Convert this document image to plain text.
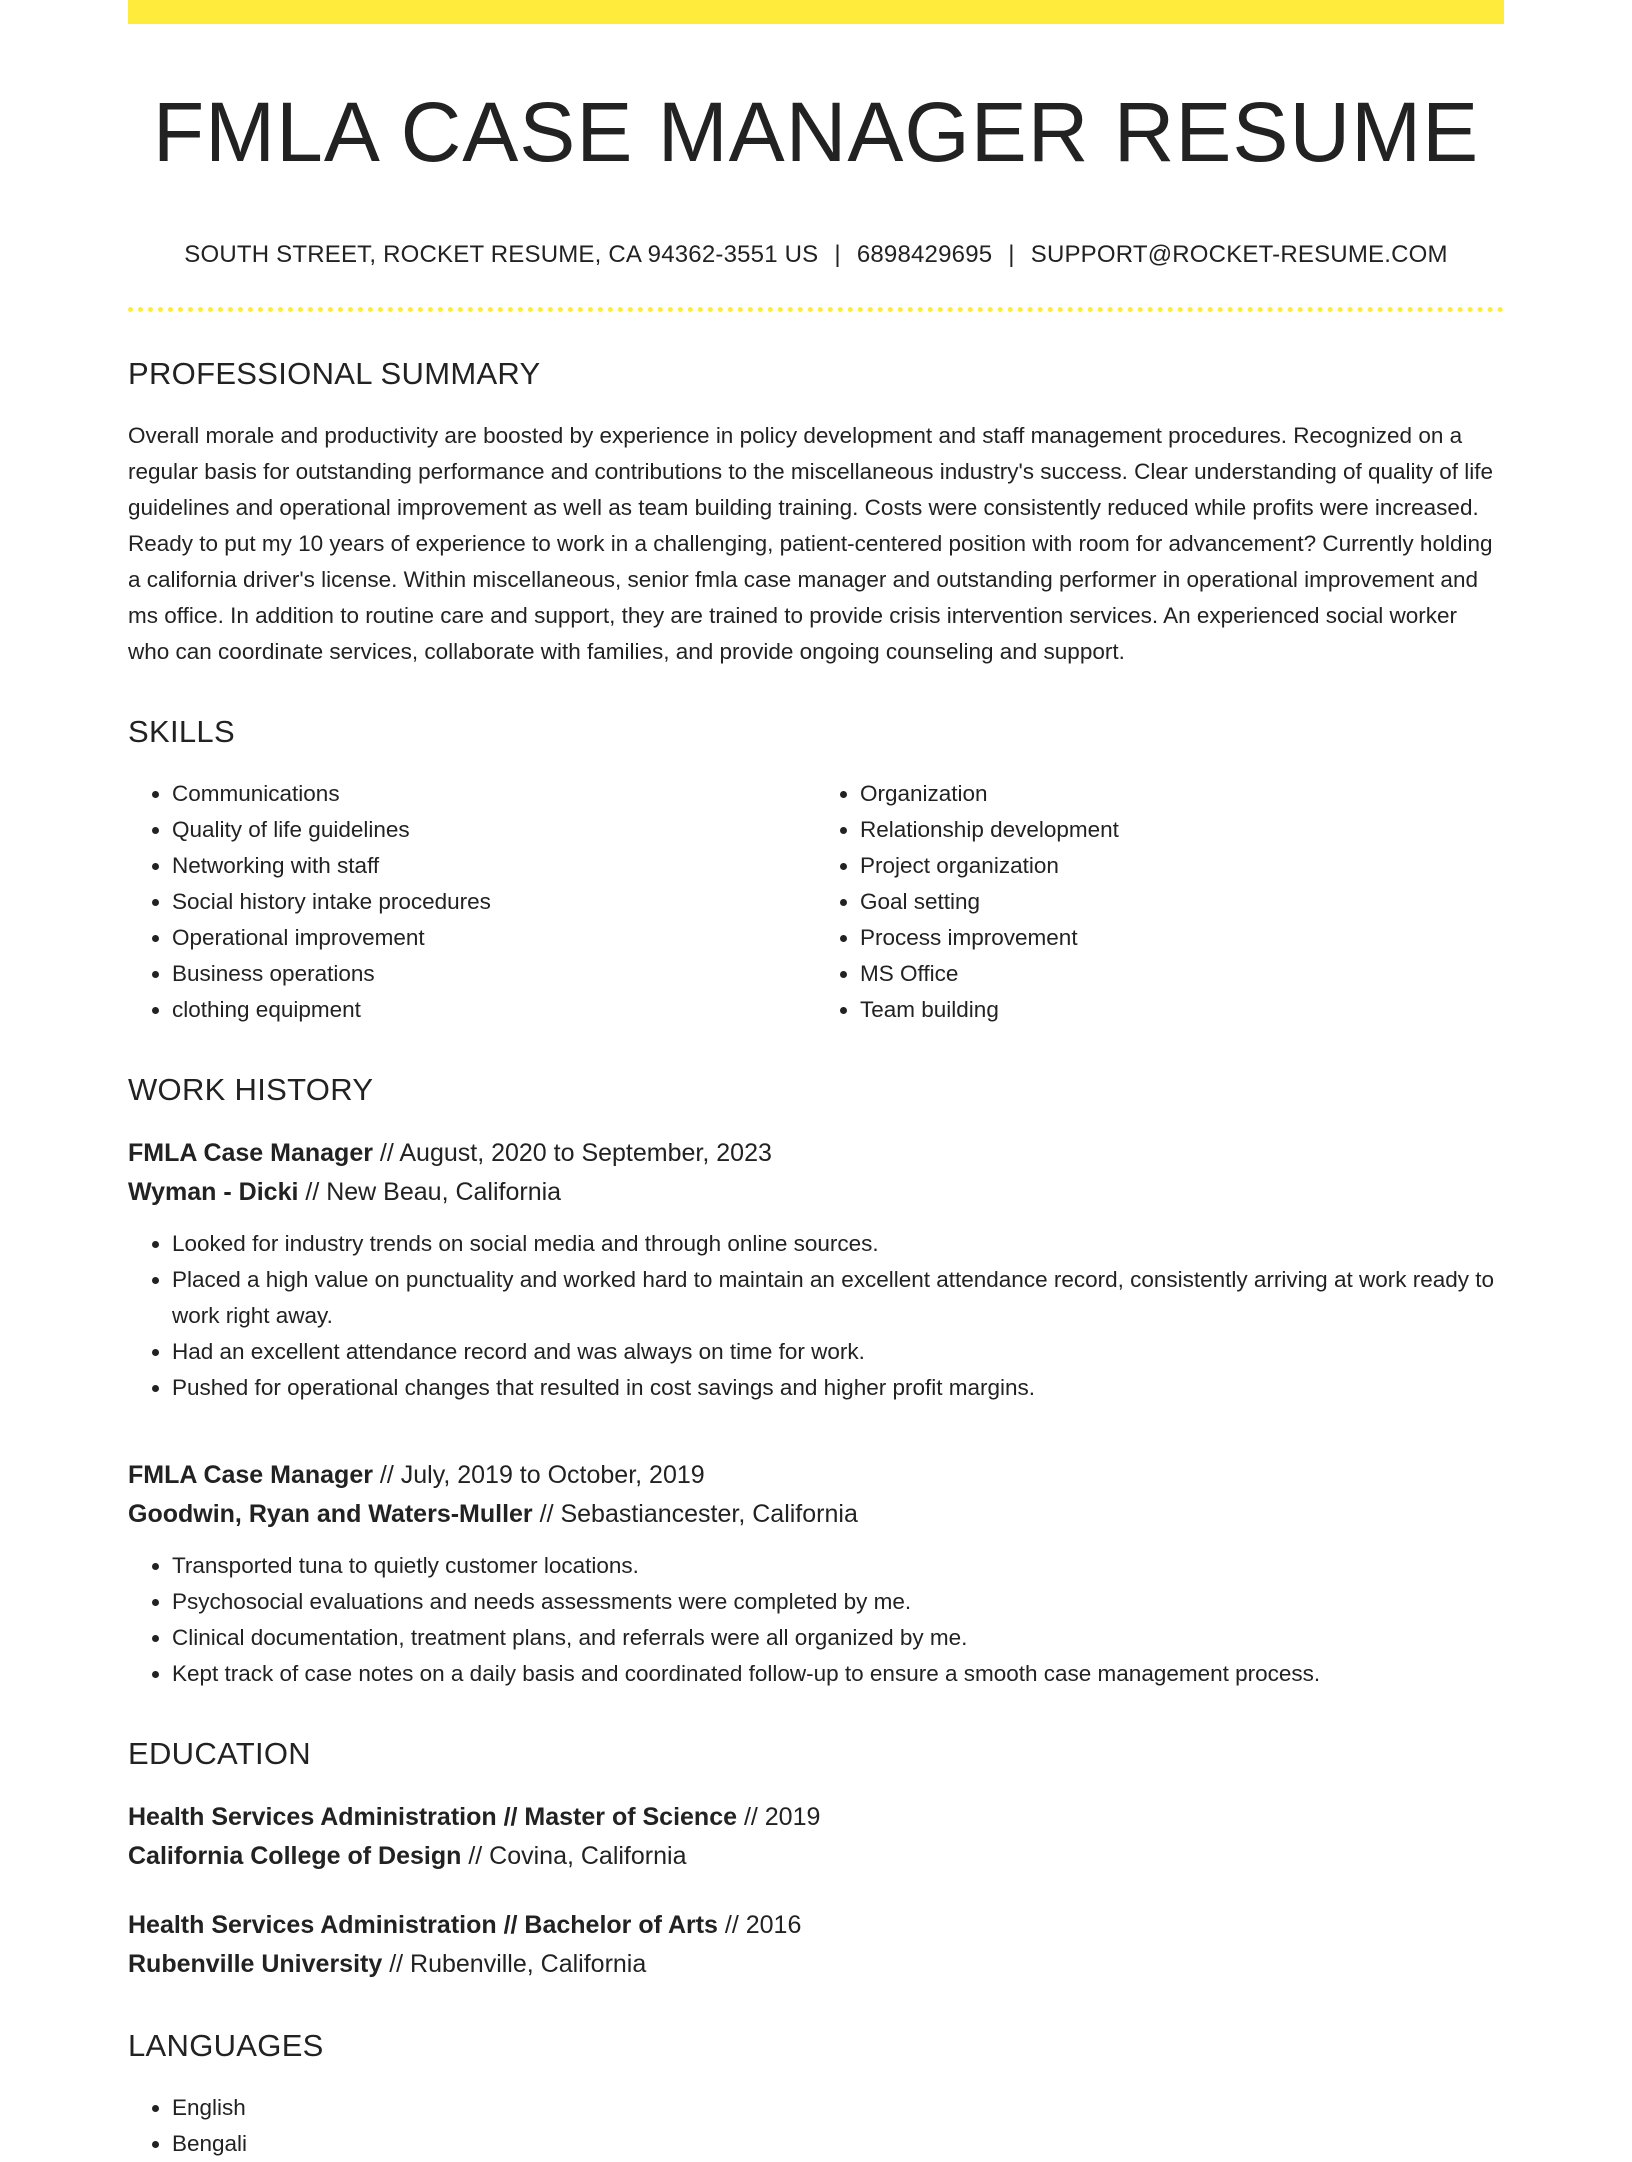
FMLA CASE MANAGER RESUME
SOUTH STREET, ROCKET RESUME, CA 94362-3551 US | 6898429695 | SUPPORT@ROCKET-RESUME.COM
PROFESSIONAL SUMMARY
Overall morale and productivity are boosted by experience in policy development and staff management procedures. Recognized on a regular basis for outstanding performance and contributions to the miscellaneous industry's success. Clear understanding of quality of life guidelines and operational improvement as well as team building training. Costs were consistently reduced while profits were increased. Ready to put my 10 years of experience to work in a challenging, patient-centered position with room for advancement? Currently holding a california driver's license. Within miscellaneous, senior fmla case manager and outstanding performer in operational improvement and ms office. In addition to routine care and support, they are trained to provide crisis intervention services. An experienced social worker who can coordinate services, collaborate with families, and provide ongoing counseling and support.
SKILLS
• Communications
• Quality of life guidelines
• Networking with staff
• Social history intake procedures
• Operational improvement
• Business operations
• clothing equipment
• Organization
• Relationship development
• Project organization
• Goal setting
• Process improvement
• MS Office
• Team building
WORK HISTORY
FMLA Case Manager // August, 2020 to September, 2023
Wyman - Dicki // New Beau, California
• Looked for industry trends on social media and through online sources.
• Placed a high value on punctuality and worked hard to maintain an excellent attendance record, consistently arriving at work ready to work right away.
• Had an excellent attendance record and was always on time for work.
• Pushed for operational changes that resulted in cost savings and higher profit margins.
FMLA Case Manager // July, 2019 to October, 2019
Goodwin, Ryan and Waters-Muller // Sebastiancester, California
• Transported tuna to quietly customer locations.
• Psychosocial evaluations and needs assessments were completed by me.
• Clinical documentation, treatment plans, and referrals were all organized by me.
• Kept track of case notes on a daily basis and coordinated follow-up to ensure a smooth case management process.
EDUCATION
Health Services Administration // Master of Science // 2019
California College of Design // Covina, California
Health Services Administration // Bachelor of Arts // 2016
Rubenville University // Rubenville, California
LANGUAGES
• English
• Bengali
